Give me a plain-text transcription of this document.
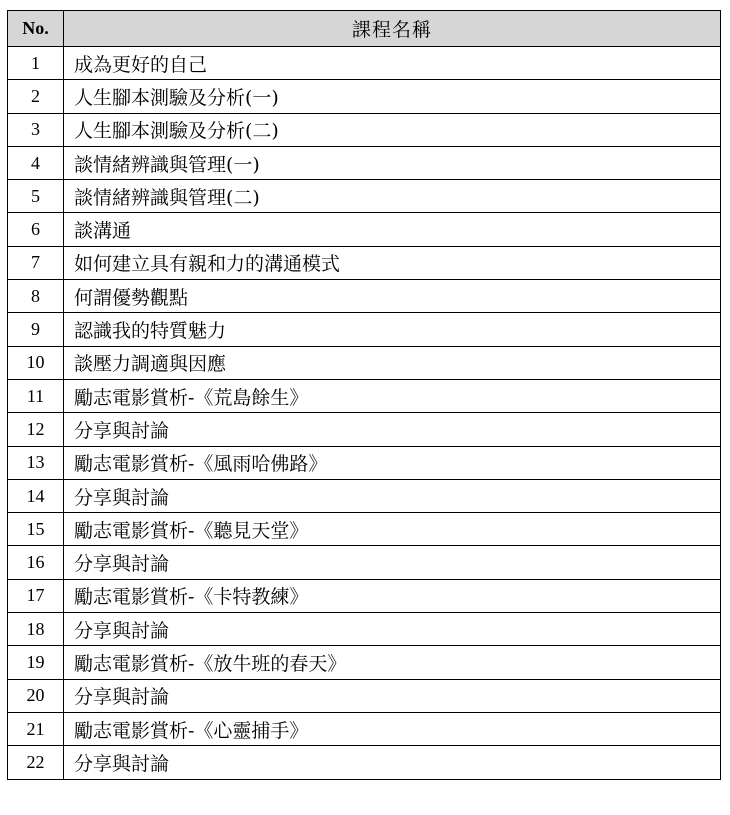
No.	課程名稱
1	成為更好的自己
2	人生腳本測驗及分析(一)
3	人生腳本測驗及分析(二)
4	談情緒辨識與管理(一)
5	談情緒辨識與管理(二)
6	談溝通
7	如何建立具有親和力的溝通模式
8	何謂優勢觀點
9	認識我的特質魅力
10	談壓力調適與因應
11	勵志電影賞析-《荒島餘生》
12	分享與討論
13	勵志電影賞析-《風雨哈佛路》
14	分享與討論
15	勵志電影賞析-《聽見天堂》
16	分享與討論
17	勵志電影賞析-《卡特教練》
18	分享與討論
19	勵志電影賞析-《放牛班的春天》
20	分享與討論
21	勵志電影賞析-《心靈捕手》
22	分享與討論
